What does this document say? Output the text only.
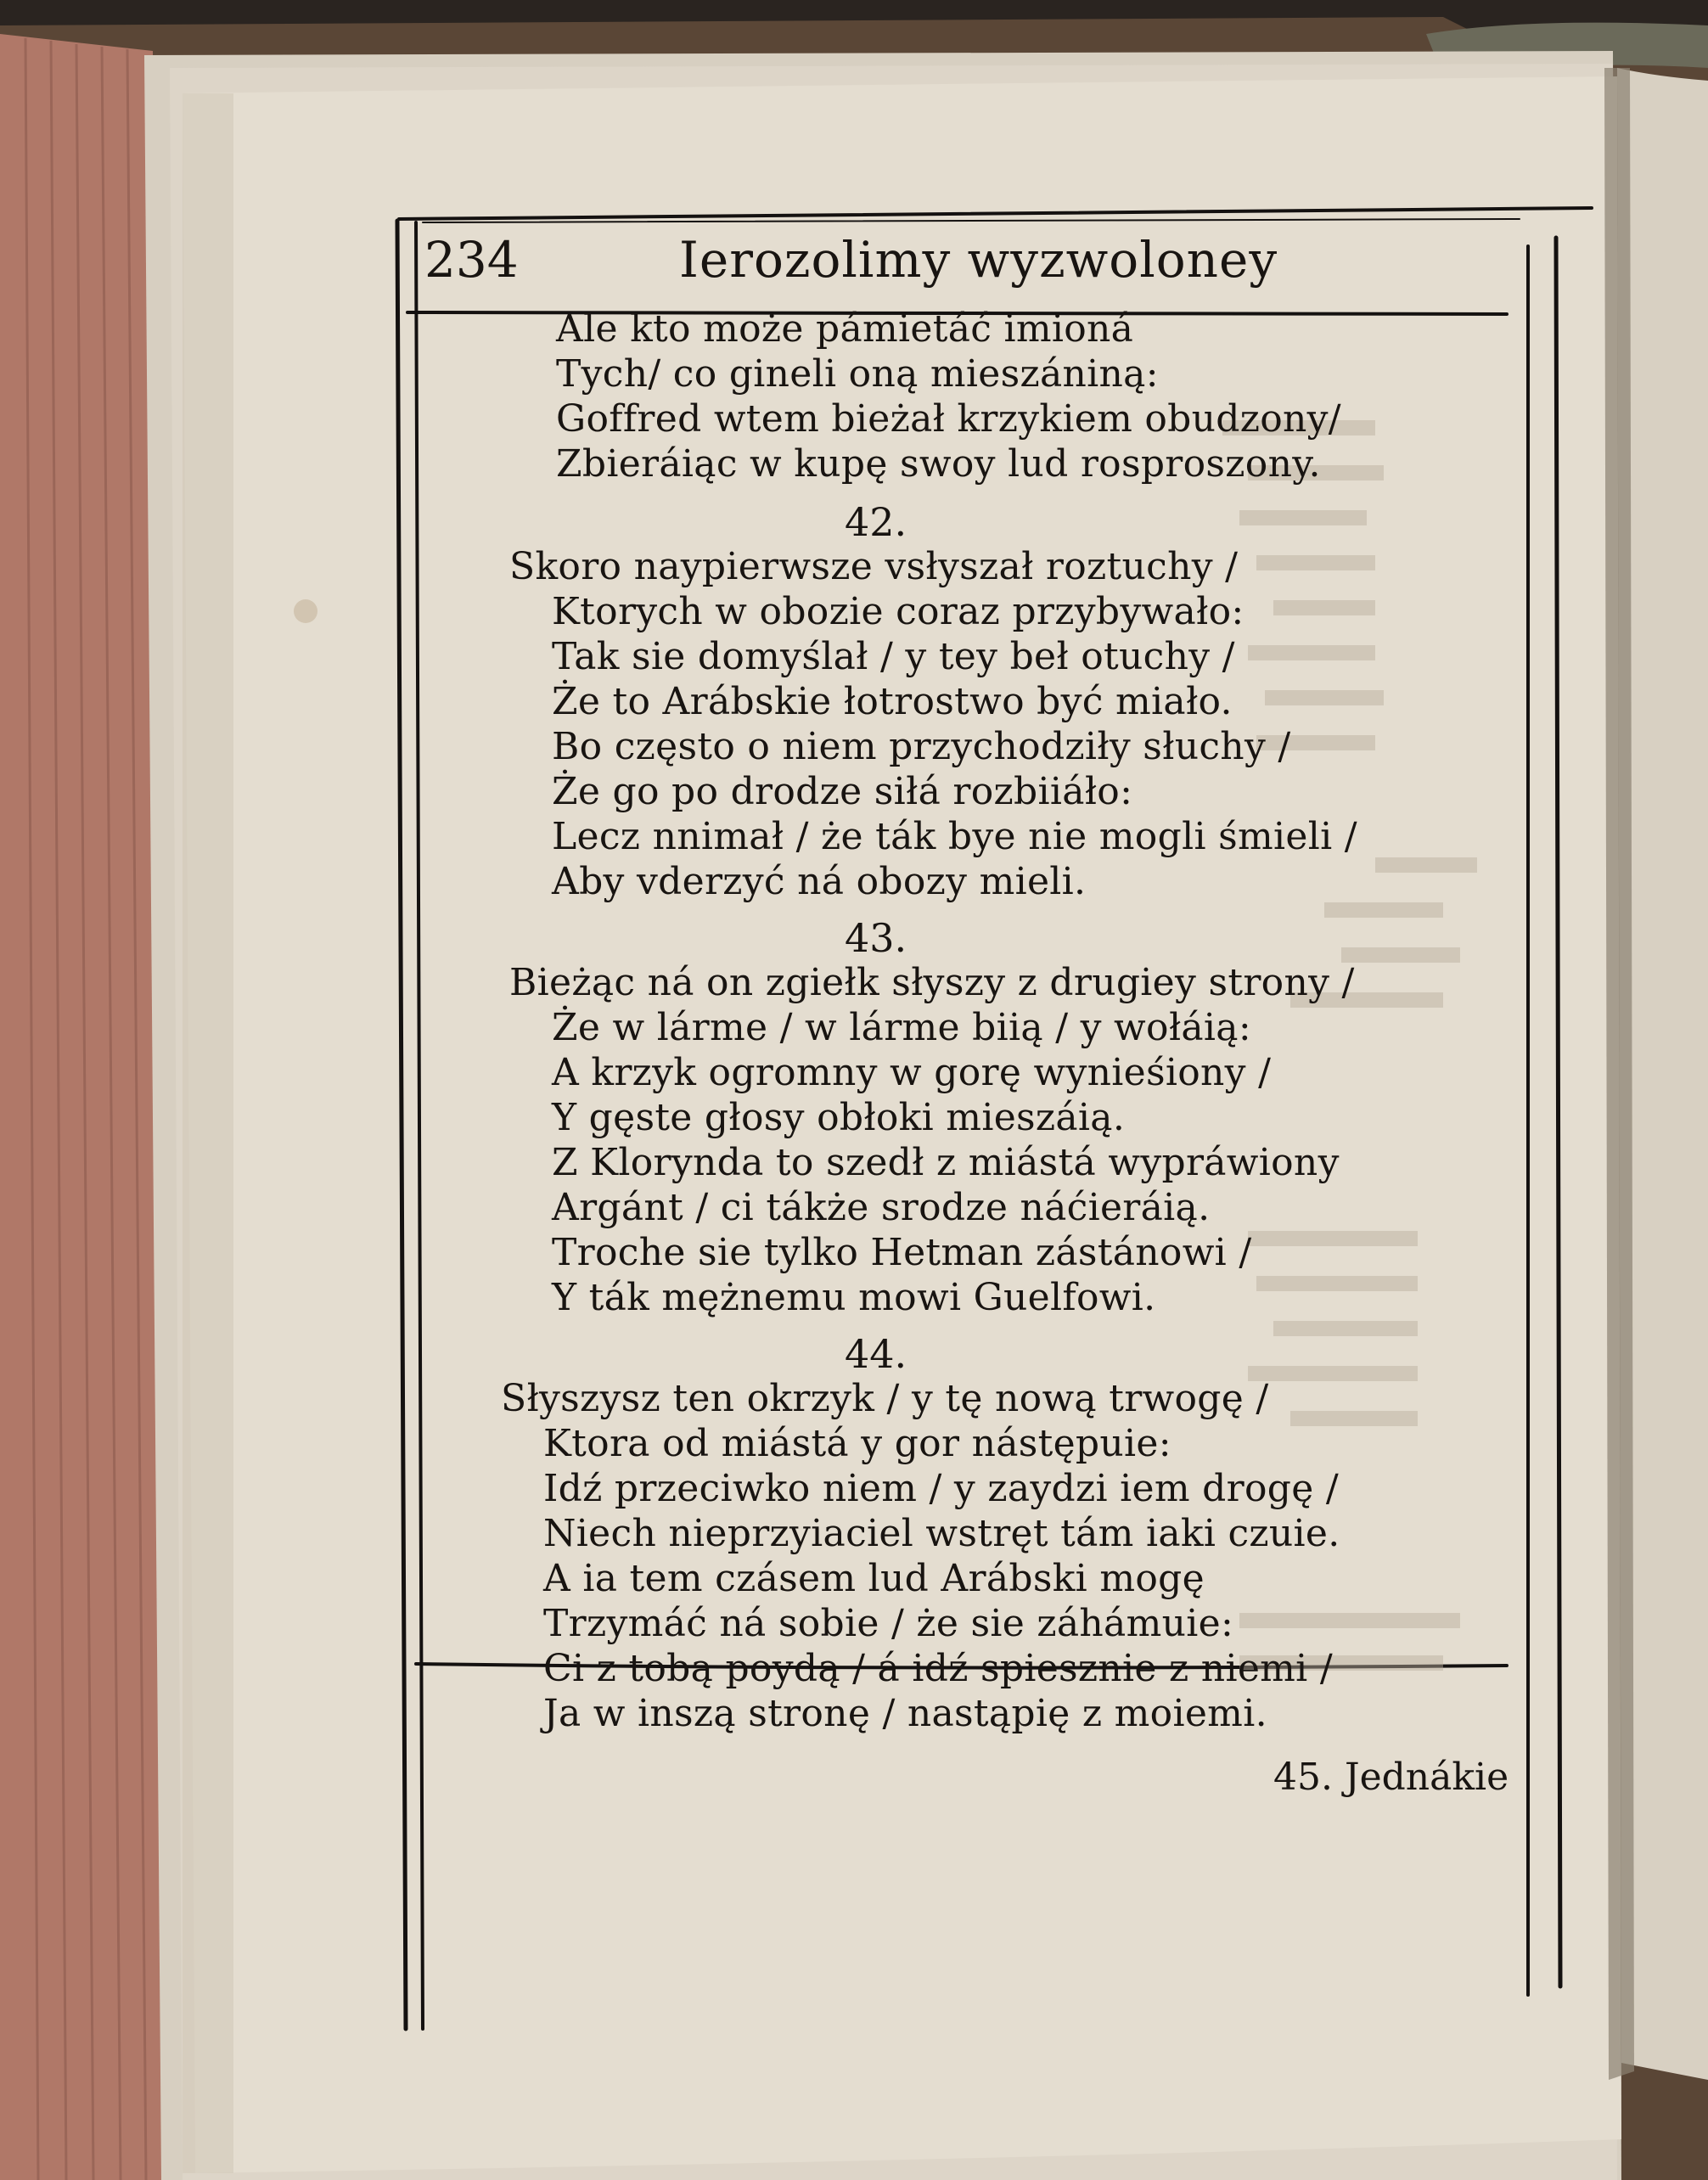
234	Ierozolimy wyzwoloney
Ale kto może pámietáć imioná
Tych/ co gineli oną mieszániną:
Goffred wtem bieżał krzykiem obudzony/
Zbieráiąc w kupę swoy lud rosproszony.
42.
Skoro naypierwsze vsłyszał roztuchy /
Ktorych w obozie coraz przybywało:
Tak sie domyślał / y tey beł otuchy /
Że to Arábskie łotrostwo być miało.
Bo często o niem przychodziły słuchy /
Że go po drodze siłá rozbiiáło:
Lecz nnimał / że ták bye nie mogli śmieli /
Aby vderzyć ná obozy mieli.
43.
Bieżąc ná on zgiełk słyszy z drugiey strony /
Że w lárme / w lárme biią / y wołáią:
A krzyk ogromny w gorę wynieśiony /
Y gęste głosy obłoki mieszáią.
Z Klorynda to szedł z miástá wypráwiony
Argánt / ci tákże srodze náćieráią.
Troche sie tylko Hetman zástánowi /
Y ták mężnemu mowi Guelfowi.
44.
Słyszysz ten okrzyk / y tę nową trwogę /
Ktora od miástá y gor nástępuie:
Idź przeciwko niem / y zaydzi iem drogę /
Niech nieprzyiaciel wstręt tám iaki czuie.
A ia tem czásem lud Arábski mogę
Trzymáć ná sobie / że sie záhámuie:
Ci z tobą poydą / á idź spiesznie z niemi /
Ja w inszą stronę / nastąpię z moiemi.
45. Jednákie
